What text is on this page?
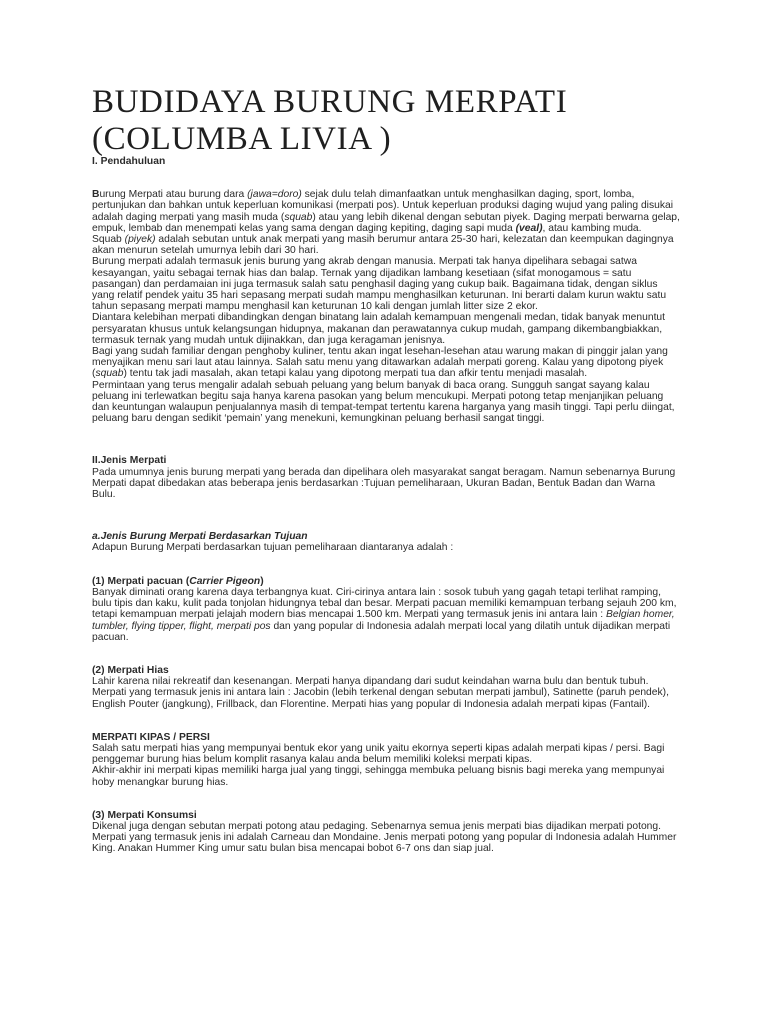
BUDIDAYA BURUNG MERPATI
(COLUMBA LIVIA )

I. Pendahuluan

Burung Merpati atau burung dara (jawa=doro) sejak dulu telah dimanfaatkan untuk menghasilkan daging, sport, lomba, pertunjukan dan bahkan untuk keperluan komunikasi (merpati pos). Untuk keperluan produksi daging wujud yang paling disukai adalah daging merpati yang masih muda (squab) atau yang lebih dikenal dengan sebutan piyek. Daging merpati berwarna gelap, empuk, lembab dan menempati kelas yang sama dengan daging kepiting, daging sapi muda (veal), atau kambing muda.

Squab (piyek) adalah sebutan untuk anak merpati yang masih berumur antara 25-30 hari, kelezatan dan keempukan dagingnya akan menurun setelah umurnya lebih dari 30 hari.

Burung merpati adalah termasuk jenis burung yang akrab dengan manusia. Merpati tak hanya dipelihara sebagai satwa kesayangan, yaitu sebagai ternak hias dan balap. Ternak yang dijadikan lambang kesetiaan (sifat monogamous = satu pasangan) dan perdamaian ini juga termasuk salah satu penghasil daging yang cukup baik. Bagaimana tidak, dengan siklus yang relatif pendek yaitu 35 hari sepasang merpati sudah mampu menghasilkan keturunan. Ini berarti dalam kurun waktu satu tahun sepasang merpati mampu menghasil kan keturunan 10 kali dengan jumlah litter size 2 ekor.

Diantara kelebihan merpati dibandingkan dengan binatang lain adalah kemampuan mengenali medan, tidak banyak menuntut persyaratan khusus untuk kelangsungan hidupnya, makanan dan perawatannya cukup mudah, gampang dikembangbiakkan, termasuk ternak yang mudah untuk dijinakkan, dan juga keragaman jenisnya.

Bagi yang sudah familiar dengan penghoby kuliner, tentu akan ingat lesehan-lesehan atau warung makan di pinggir jalan yang menyajikan menu sari laut atau lainnya. Salah satu menu yang ditawarkan adalah merpati goreng. Kalau yang dipotong piyek (squab) tentu tak jadi masalah, akan tetapi kalau yang dipotong merpati tua dan afkir tentu menjadi masalah.

Permintaan yang terus mengalir adalah sebuah peluang yang belum banyak di baca orang. Sungguh sangat sayang kalau peluang ini terlewatkan begitu saja hanya karena pasokan yang belum mencukupi. Merpati potong tetap menjanjikan peluang dan keuntungan walaupun penjualannya masih di tempat-tempat tertentu karena harganya yang masih tinggi. Tapi perlu diingat, peluang baru dengan sedikit ‘pemain’ yang menekuni, kemungkinan peluang berhasil sangat tinggi.

II.Jenis Merpati

Pada umumnya jenis burung merpati yang berada dan dipelihara oleh masyarakat sangat beragam. Namun sebenarnya Burung Merpati dapat dibedakan atas beberapa jenis berdasarkan :Tujuan pemeliharaan, Ukuran Badan, Bentuk Badan dan Warna Bulu.

a.Jenis Burung Merpati Berdasarkan Tujuan

Adapun Burung Merpati berdasarkan tujuan pemeliharaan diantaranya adalah :

(1) Merpati pacuan (Carrier Pigeon)

Banyak diminati orang karena daya terbangnya kuat. Ciri-cirinya antara lain : sosok tubuh yang gagah tetapi terlihat ramping, bulu tipis dan kaku, kulit pada tonjolan hidungnya tebal dan besar. Merpati pacuan memiliki kemampuan terbang sejauh 200 km, tetapi kemampuan merpati jelajah modern bias mencapai 1.500 km. Merpati yang termasuk jenis ini antara lain : Belgian homer, tumbler, flying tipper, flight, merpati pos dan yang popular di Indonesia adalah merpati local yang dilatih untuk dijadikan merpati pacuan.

(2) Merpati Hias

Lahir karena nilai rekreatif dan kesenangan. Merpati hanya dipandang dari sudut keindahan warna bulu dan bentuk tubuh. Merpati yang termasuk jenis ini antara lain : Jacobin (lebih terkenal dengan sebutan merpati jambul), Satinette (paruh pendek), English Pouter (jangkung), Frillback, dan Florentine. Merpati hias yang popular di Indonesia adalah merpati kipas (Fantail).

MERPATI KIPAS / PERSI

Salah satu merpati hias yang mempunyai bentuk ekor yang unik yaitu ekornya seperti kipas adalah merpati kipas / persi. Bagi penggemar burung hias belum komplit rasanya kalau anda belum memiliki koleksi merpati kipas.

Akhir-akhir ini merpati kipas memiliki harga jual yang tinggi, sehingga membuka peluang bisnis bagi mereka yang mempunyai hoby menangkar burung hias.

(3) Merpati Konsumsi

Dikenal juga dengan sebutan merpati potong atau pedaging. Sebenarnya semua jenis merpati bias dijadikan merpati potong. Merpati yang termasuk jenis ini adalah Carneau dan Mondaine. Jenis merpati potong yang popular di Indonesia adalah Hummer King. Anakan Hummer King umur satu bulan bisa mencapai bobot 6-7 ons dan siap jual.
